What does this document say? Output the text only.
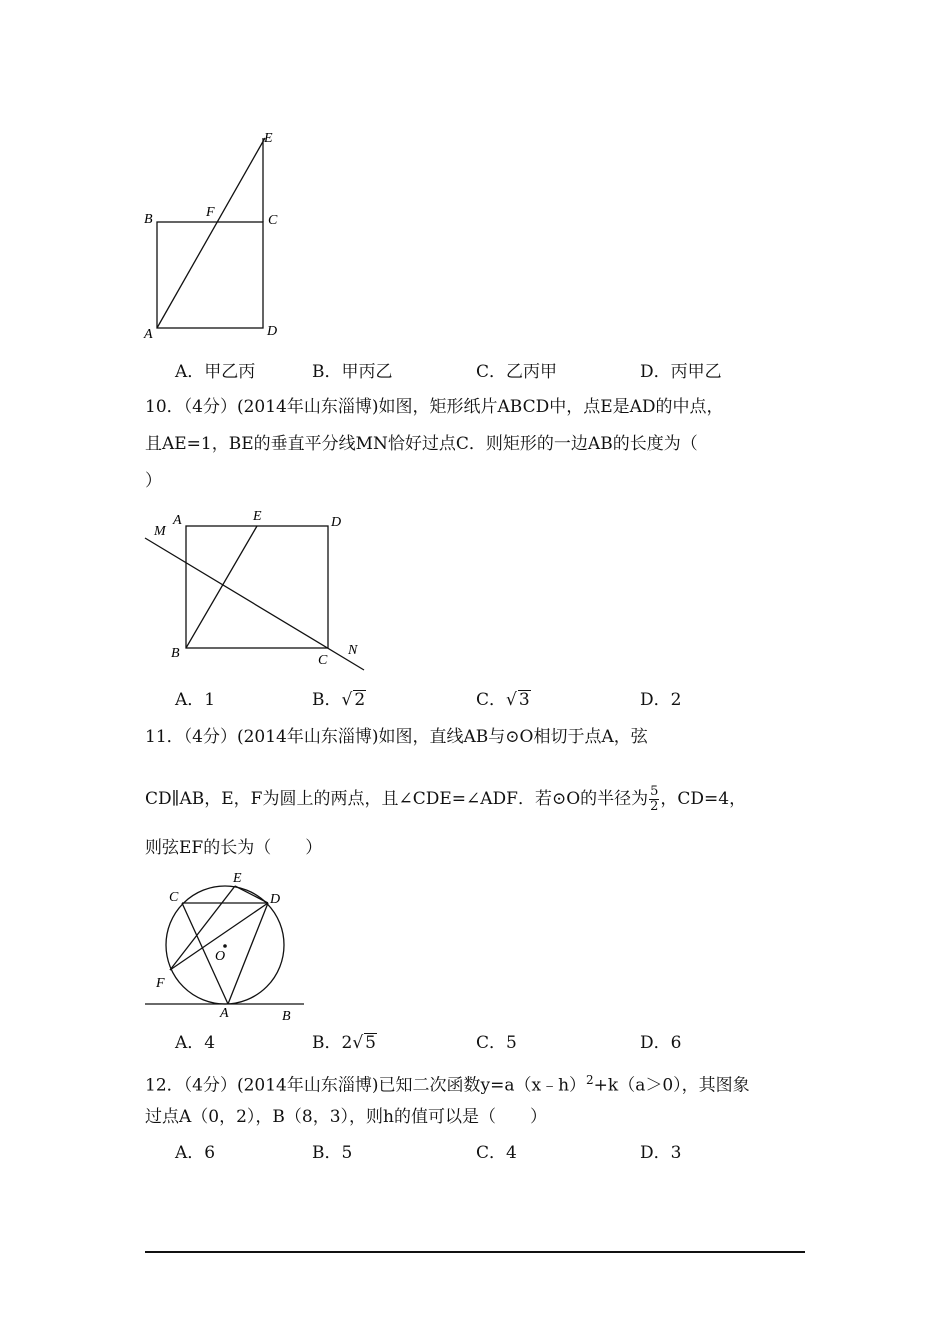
E
B	F
C
A	D
A．甲乙丙	B．甲丙乙	C．乙丙甲	D．丙甲乙
10．（4分）(2014年山东淄博)如图，矩形纸片ABCD中，点E是AD的中点，
且AE=1，BE的垂直平分线MN恰好过点C．则矩形的一边AB的长度为（
）
M
A	E	D
B	C
N
A．1	B．√ 2	C．√ 3	D．2
11．（4分）(2014年山东淄博)如图，直线AB与⊙O相切于点A，弦
CD∥AB，E，F为圆上的两点，且∠CDE=∠ADF．若⊙O的半径为 $\frac{5}{2}$ ，CD=4，
则弦EF的长为（　　）
C
E
D
O
F
A	B
A．4	B．2√ 5	C．5	D．6
12．（4分）(2014年山东淄博)已知二次函数y=a（x﹣h）$^2$+k（a＞0），其图象
过点A（0，2），B（8，3），则h的值可以是（　　）
A．6	B．5	C．4	D．3
